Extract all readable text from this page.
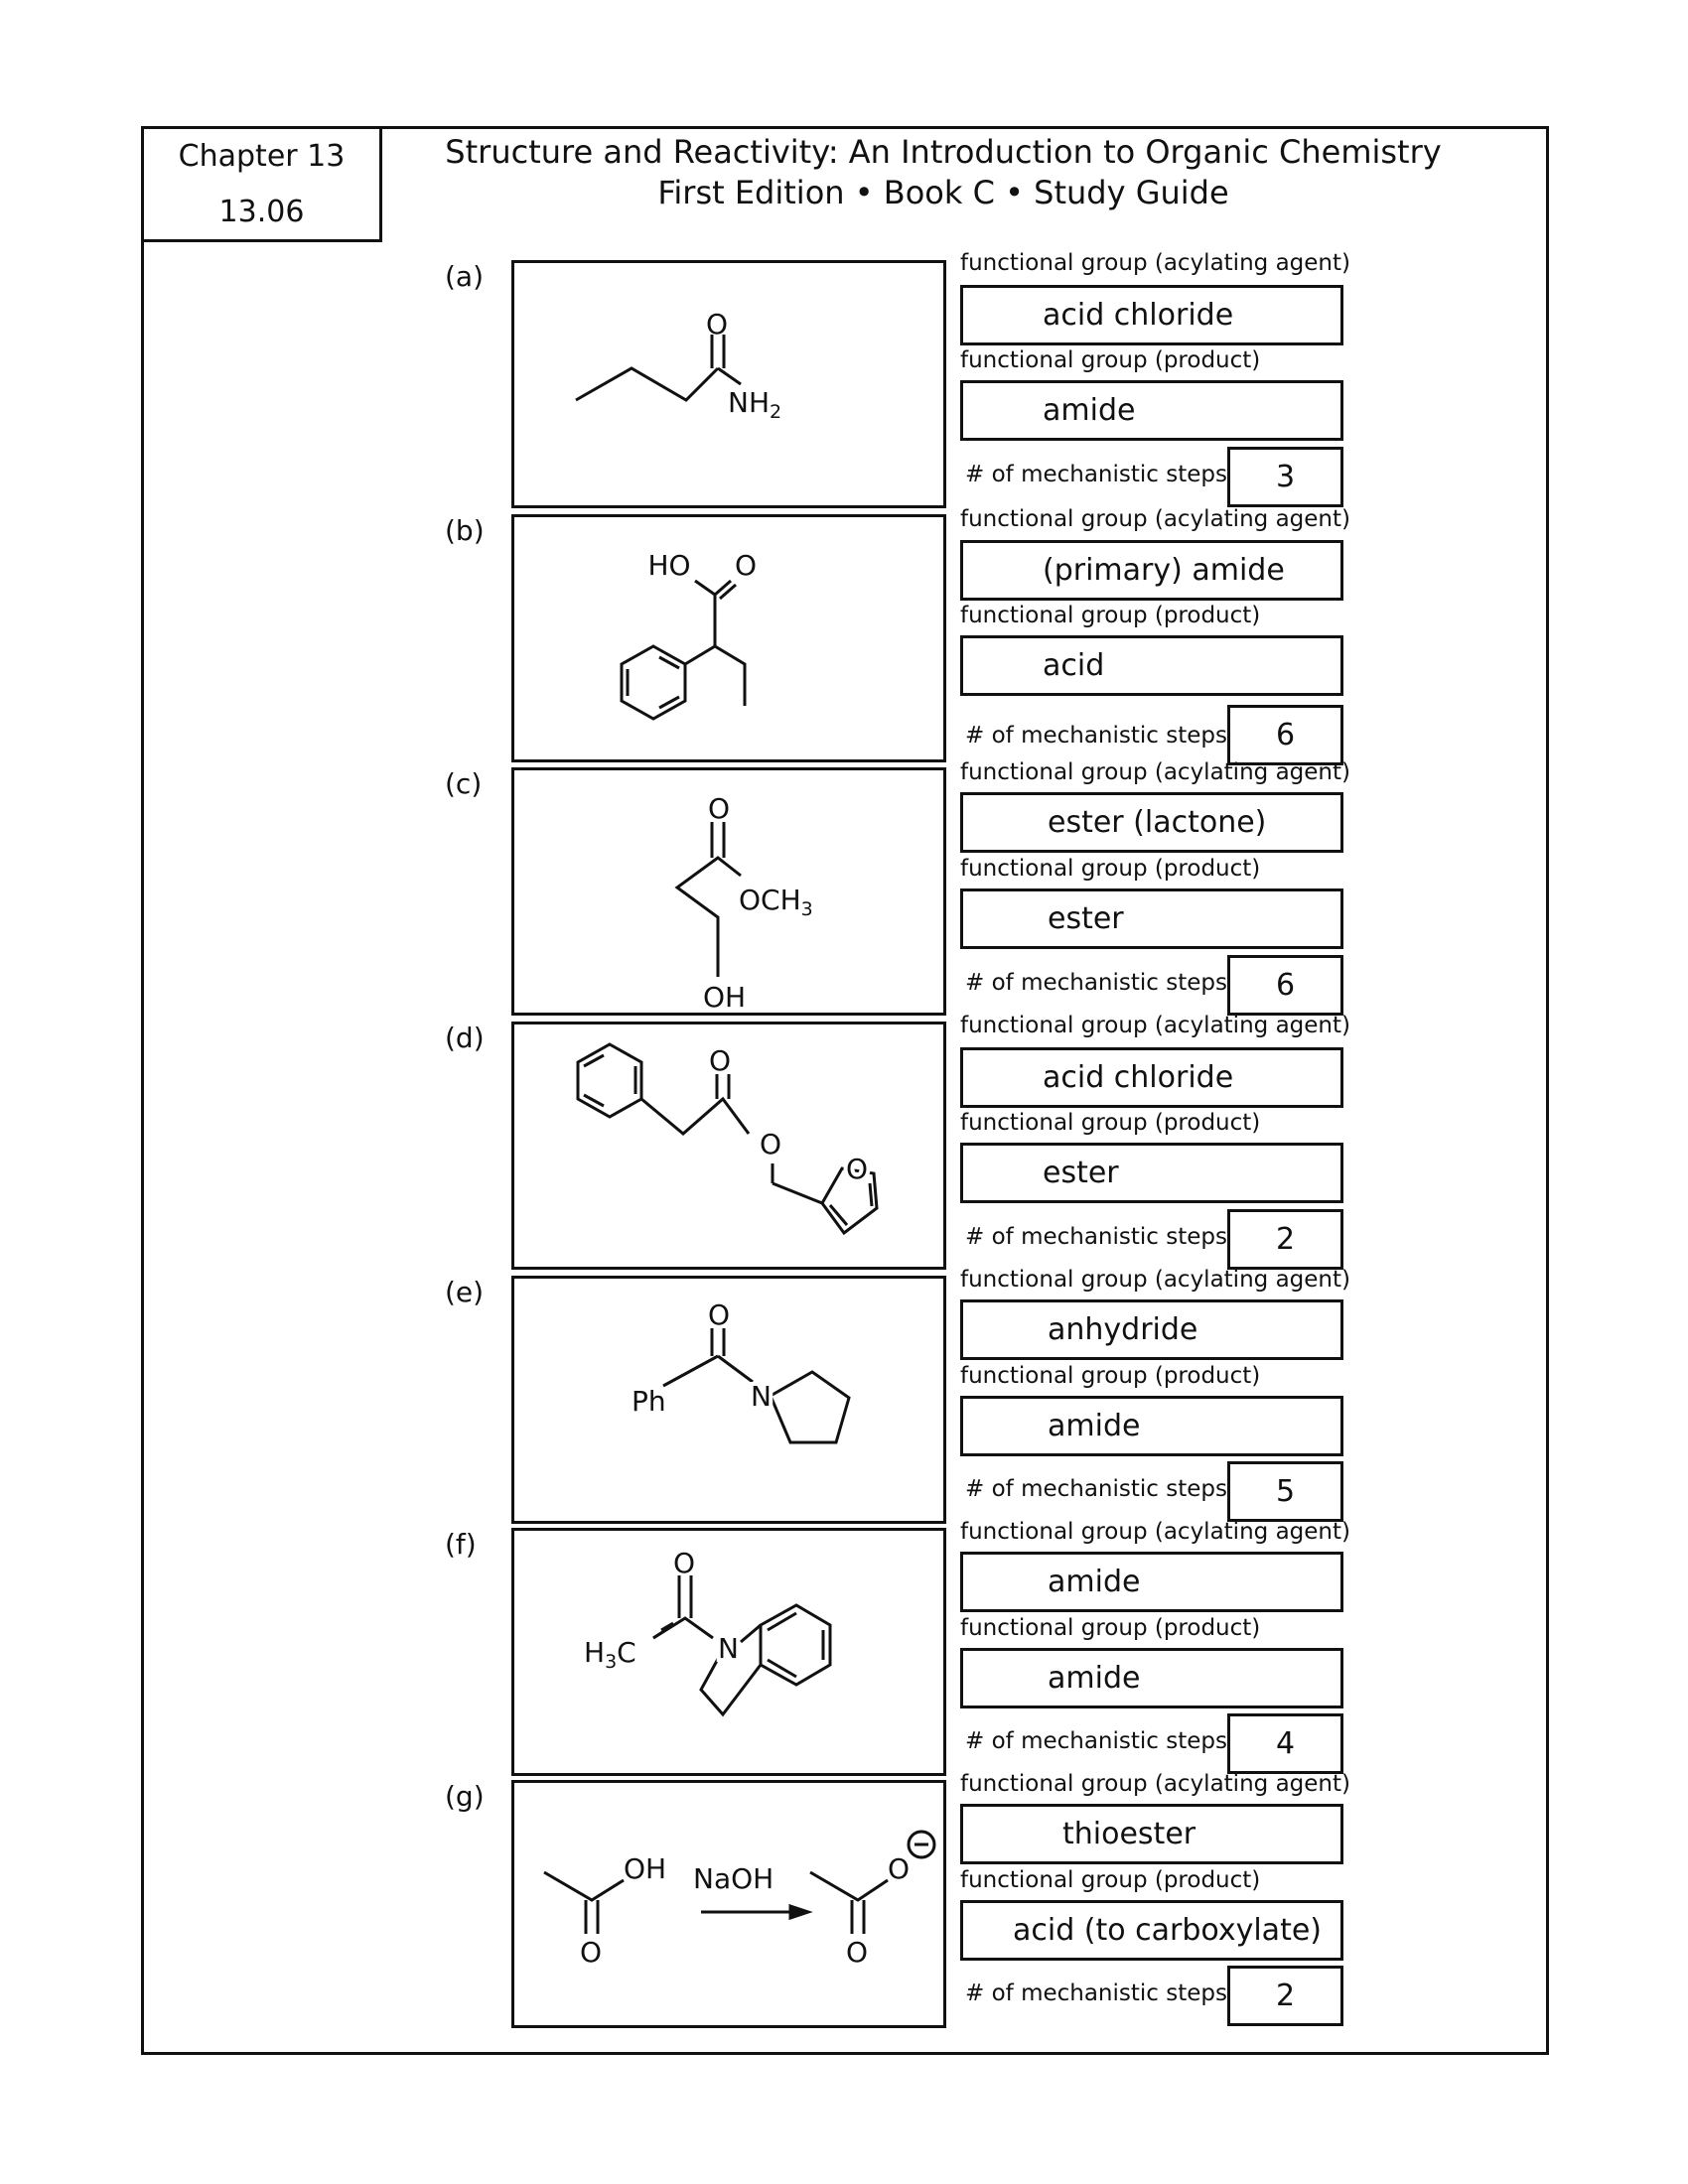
Chapter 13
13.06
Structure and Reactivity: An Introduction to Organic Chemistry
First Edition • Book C • Study Guide
(a)
O
$NH_2$
functional group (acylating agent)
acid chloride
functional group (product)
amide
# of mechanistic steps	3
(b)
HO O
functional group (acylating agent)
(primary) amide
functional group (product)
acid
# of mechanistic steps	6
(c)
O
$OCH_3$
OH
functional group (acylating agent)
ester (lactone)
functional group (product)
ester
# of mechanistic steps	6
(d)
O
O
O
functional group (acylating agent)
acid chloride
functional group (product)
ester
# of mechanistic steps	2
(e)
O
Ph	N
functional group (acylating agent)
anhydride
functional group (product)
amide
# of mechanistic steps	5
(f)
O
$H_3C$	N
functional group (acylating agent)
amide
functional group (product)
amide
# of mechanistic steps	4
(g)
OH
O
NaOH	O
O
functional group (acylating agent)
thioester
functional group (product)
acid (to carboxylate)
# of mechanistic steps	2
